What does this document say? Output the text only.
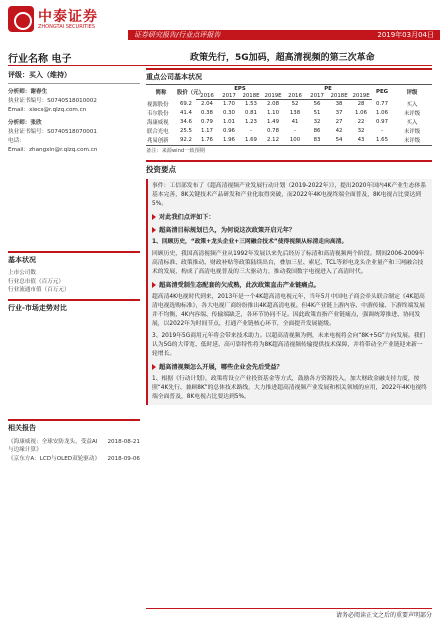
中泰证券
ZHONGTAI SECURITIES
证券研究报告/行业点评报告	2019年03月04日
行业名称 电子	政策先行，5G加码，超高清视频的第三次革命
评级：买入（维持）
分析师：谢春生
执业证书编号：S0740518010002
Email：xiecs@r.qlzq.com.cn
分析师：张欣
执业证书编号：S0740518070001
电话：
Email：zhangxin@r.qlzq.com.cn
基本状况
上市公司数
行业总市值（百万元）
行业流通市值（百万元）
行业-市场走势对比
相关报告
《海康威视：全球安防龙头，受益AI与边缘计算》
2018-08-21
《京东方A：LCD与OLED双轮驱动》 2018-09-06
重点公司基本状况
简称	股价（元）	EPS				PE				PEG	评级
		2016	2017	2018E	2019E	2016	2017	2018E	2019E		
视源股份	69.2	2.04	1.70	1.53	2.08	52	56	38	28	0.77	买入
韦尔股份	41.4	0.38	0.30	0.81	1.10	138	51	37	1.06	1.06	未评级
海康威视	34.6	0.79	1.01	1.23	1.49	41	32	27	22	0.97	买入
联合光电	25.5	1.17	0.96	-	0.78	-	86	42	32	-	未评级
兆易创新	92.2	1.76	1.96	1.69	2.12	100	83	54	43	1.65	未评级
备注：来源wind一致预期
投资要点
事件：工信部发布了《超高清视频产业发展行动计划（2019-2022年）》，提出2020年国内4K产业生态体系基本完善，8K关键技术产品研发和产业化取得突破，而2022年4K电视终端全面普及，8K电视占比要达到5%。
对此我们点评如下：
超高清目标规划已久，为何说这次政策开启元年？
1、回顾历史，“政策+龙头企业+三网融合技术”使得视频从标清走向高清。
回顾历史，我国高清视频产业从1992年发展以来先后经历了标清和高清视频两个阶段。期间2006-2009年高清标准、政策推动、财政补贴等政策陆续出台，叠加三星、索尼、TCL等彩电龙头企业量产和三网融合技术的发展，构成了高清电视普及的三大驱动力，推动我国数字电视进入了高清时代。
超高清受制生态配套的欠成熟，此次政策直击产业链痛点。
超高清4K电视时代到来，2013年是一个4K超高清电视元年，当年5月中国电子商会牵头联合制定《4K超高清电视选购标准》，各大电视厂商纷纷推出4K超高清电视。但4K产业链上游内容、中游传输、下游终端发展并不均衡，4K内容端、传输端缺乏，各环节协同不足。因此政策直指产业链痛点，强调统筹推进、协同发展，以2022年为时间节点，打通产业链核心环节，全面提升发展能级。
3、2019年5G商用元年将会带来技术助力。以超高清视频为例，未来电视将会向“8K+5G”方向发展。我们认为5G的大带宽、低时延、高可靠特性将为8K超高清视频传输提供技术保障，并将带动全产业链迎来新一轮增长。
超高清视频怎么开展，哪些企业会先后受益？
1、根据《行动计划》，政策将设立产业投资基金等方式，鼓励各方资源投入，加大财政金融支持力度，按照“4K先行、兼顾8K”的总体技术路线，大力推进超高清视频产业发展和相关领域的应用，2022年4K电视终端全面普及，8K电视占比要达到5%。
请务必阅读正文之后的重要声明部分
